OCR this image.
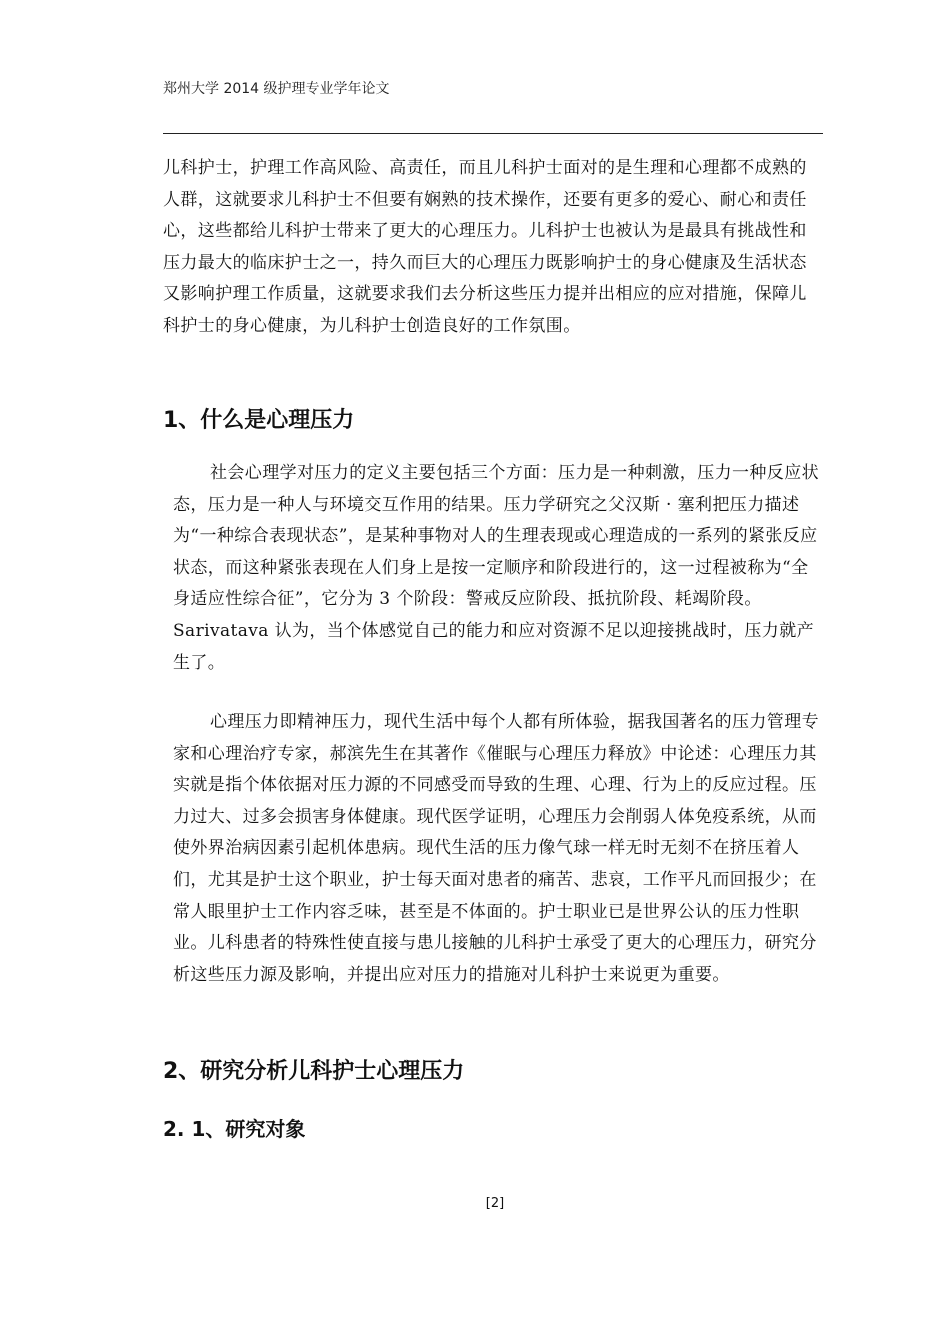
郑州大学 2014 级护理专业学年论文

儿科护士，护理工作高风险、高责任，而且儿科护士面对的是生理和心理都不成熟的人群，这就要求儿科护士不但要有娴熟的技术操作，还要有更多的爱心、耐心和责任心，这些都给儿科护士带来了更大的心理压力。儿科护士也被认为是最具有挑战性和压力最大的临床护士之一，持久而巨大的心理压力既影响护士的身心健康及生活状态又影响护理工作质量，这就要求我们去分析这些压力提并出相应的应对措施，保障儿科护士的身心健康，为儿科护士创造良好的工作氛围。

1、什么是心理压力

社会心理学对压力的定义主要包括三个方面：压力是一种刺激，压力一种反应状态，压力是一种人与环境交互作用的结果。压力学研究之父汉斯 · 塞利把压力描述为“一种综合表现状态”，是某种事物对人的生理表现或心理造成的一系列的紧张反应状态，而这种紧张表现在人们身上是按一定顺序和阶段进行的，这一过程被称为“全身适应性综合征”，它分为 3 个阶段：警戒反应阶段、抵抗阶段、耗竭阶段。Sarivatava 认为，当个体感觉自己的能力和应对资源不足以迎接挑战时，压力就产生了。

心理压力即精神压力，现代生活中每个人都有所体验，据我国著名的压力管理专家和心理治疗专家，郝滨先生在其著作《催眠与心理压力释放》中论述：心理压力其实就是指个体依据对压力源的不同感受而导致的生理、心理、行为上的反应过程。压力过大、过多会损害身体健康。现代医学证明，心理压力会削弱人体免疫系统，从而使外界治病因素引起机体患病。现代生活的压力像气球一样无时无刻不在挤压着人们，尤其是护士这个职业，护士每天面对患者的痛苦、悲哀，工作平凡而回报少；在常人眼里护士工作内容乏味，甚至是不体面的。护士职业已是世界公认的压力性职业。儿科患者的特殊性使直接与患儿接触的儿科护士承受了更大的心理压力，研究分析这些压力源及影响，并提出应对压力的措施对儿科护士来说更为重要。

2、研究分析儿科护士心理压力
2. 1、研究对象
[2]
